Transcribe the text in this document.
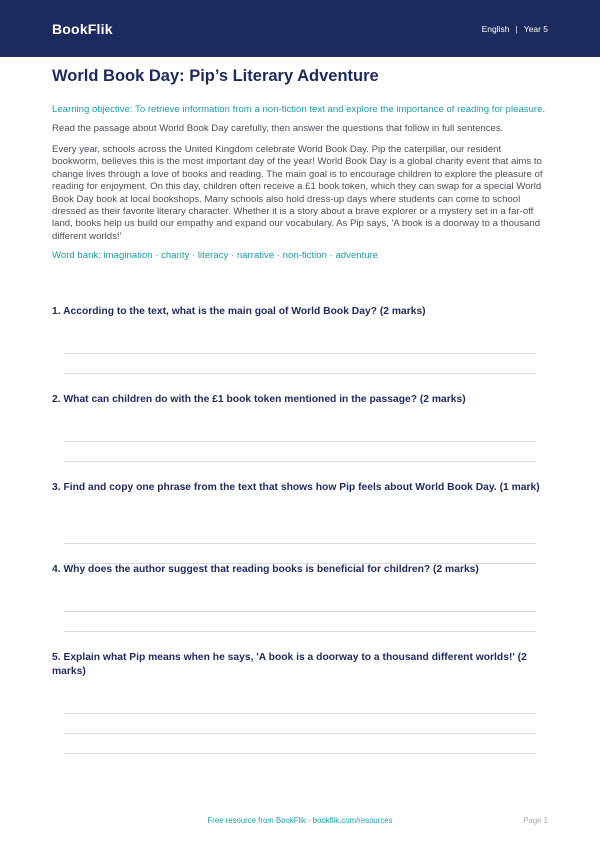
BookFlik	English | Year 5
World Book Day: Pip’s Literary Adventure
Learning objective: To retrieve information from a non-fiction text and explore the importance of reading for pleasure.
Read the passage about World Book Day carefully, then answer the questions that follow in full sentences.
Every year, schools across the United Kingdom celebrate World Book Day. Pip the caterpillar, our resident bookworm, believes this is the most important day of the year! World Book Day is a global charity event that aims to change lives through a love of books and reading. The main goal is to encourage children to explore the pleasure of reading for enjoyment. On this day, children often receive a £1 book token, which they can swap for a special World Book Day book at local bookshops. Many schools also hold dress-up days where students can come to school dressed as their favorite literary character. Whether it is a story about a brave explorer or a mystery set in a far-off land, books help us build our empathy and expand our vocabulary. As Pip says, 'A book is a doorway to a thousand different worlds!'
Word bank: imagination · charity · literacy · narrative · non-fiction · adventure
1. According to the text, what is the main goal of World Book Day? (2 marks)
2. What can children do with the £1 book token mentioned in the passage? (2 marks)
3. Find and copy one phrase from the text that shows how Pip feels about World Book Day. (1 mark)
4. Why does the author suggest that reading books is beneficial for children? (2 marks)
5. Explain what Pip means when he says, 'A book is a doorway to a thousand different worlds!' (2 marks)
Free resource from BookFlik · bookflik.com/resources	Page 1
